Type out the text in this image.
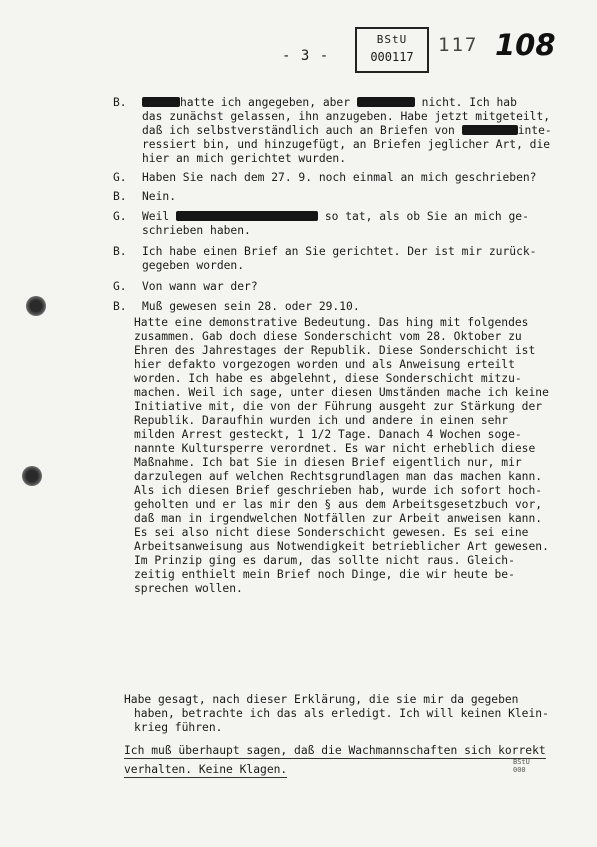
- 3 -
BStU
000117
117 108
B.	hatte ich angegeben, aber	nicht. Ich hab
das zunächst gelassen, ihn anzugeben. Habe jetzt mitgeteilt,
daß ich selbstverständlich auch an Briefen von	inte-
ressiert bin, und hinzugefügt, an Briefen jeglicher Art, die
hier an mich gerichtet wurden.
G. Haben Sie nach dem 27. 9. noch einmal an mich geschrieben?
B. Nein.
G. Weil	so tat, als ob Sie an mich ge-
schrieben haben.
B. Ich habe einen Brief an Sie gerichtet. Der ist mir zurück-
gegeben worden.
G. Von wann war der?
B. Muß gewesen sein 28. oder 29.10.
Hatte eine demonstrative Bedeutung. Das hing mit folgendes
zusammen. Gab doch diese Sonderschicht vom 28. Oktober zu
Ehren des Jahrestages der Republik. Diese Sonderschicht ist
hier defakto vorgezogen worden und als Anweisung erteilt
worden. Ich habe es abgelehnt, diese Sonderschicht mitzu-
machen. Weil ich sage, unter diesen Umständen mache ich keine
Initiative mit, die von der Führung ausgeht zur Stärkung der
Republik. Daraufhin wurden ich und andere in einen sehr
milden Arrest gesteckt, 1 1/2 Tage. Danach 4 Wochen soge-
nannte Kultursperre verordnet. Es war nicht erheblich diese
Maßnahme. Ich bat Sie in diesen Brief eigentlich nur, mir
darzulegen auf welchen Rechtsgrundlagen man das machen kann.
Als ich diesen Brief geschrieben hab, wurde ich sofort hoch-
geholten und er las mir den § aus dem Arbeitsgesetzbuch vor,
daß man in irgendwelchen Notfällen zur Arbeit anweisen kann.
Es sei also nicht diese Sonderschicht gewesen. Es sei eine
Arbeitsanweisung aus Notwendigkeit betrieblicher Art gewesen.
Im Prinzip ging es darum, das sollte nicht raus. Gleich-
zeitig enthielt mein Brief noch Dinge, die wir heute be-
sprechen wollen.
Habe gesagt, nach dieser Erklärung, die sie mir da gegeben
haben, betrachte ich das als erledigt. Ich will keinen Klein-
krieg führen.
Ich muß überhaupt sagen, daß die Wachmannschaften sich korrekt
verhalten. Keine Klagen.
BStU
000
